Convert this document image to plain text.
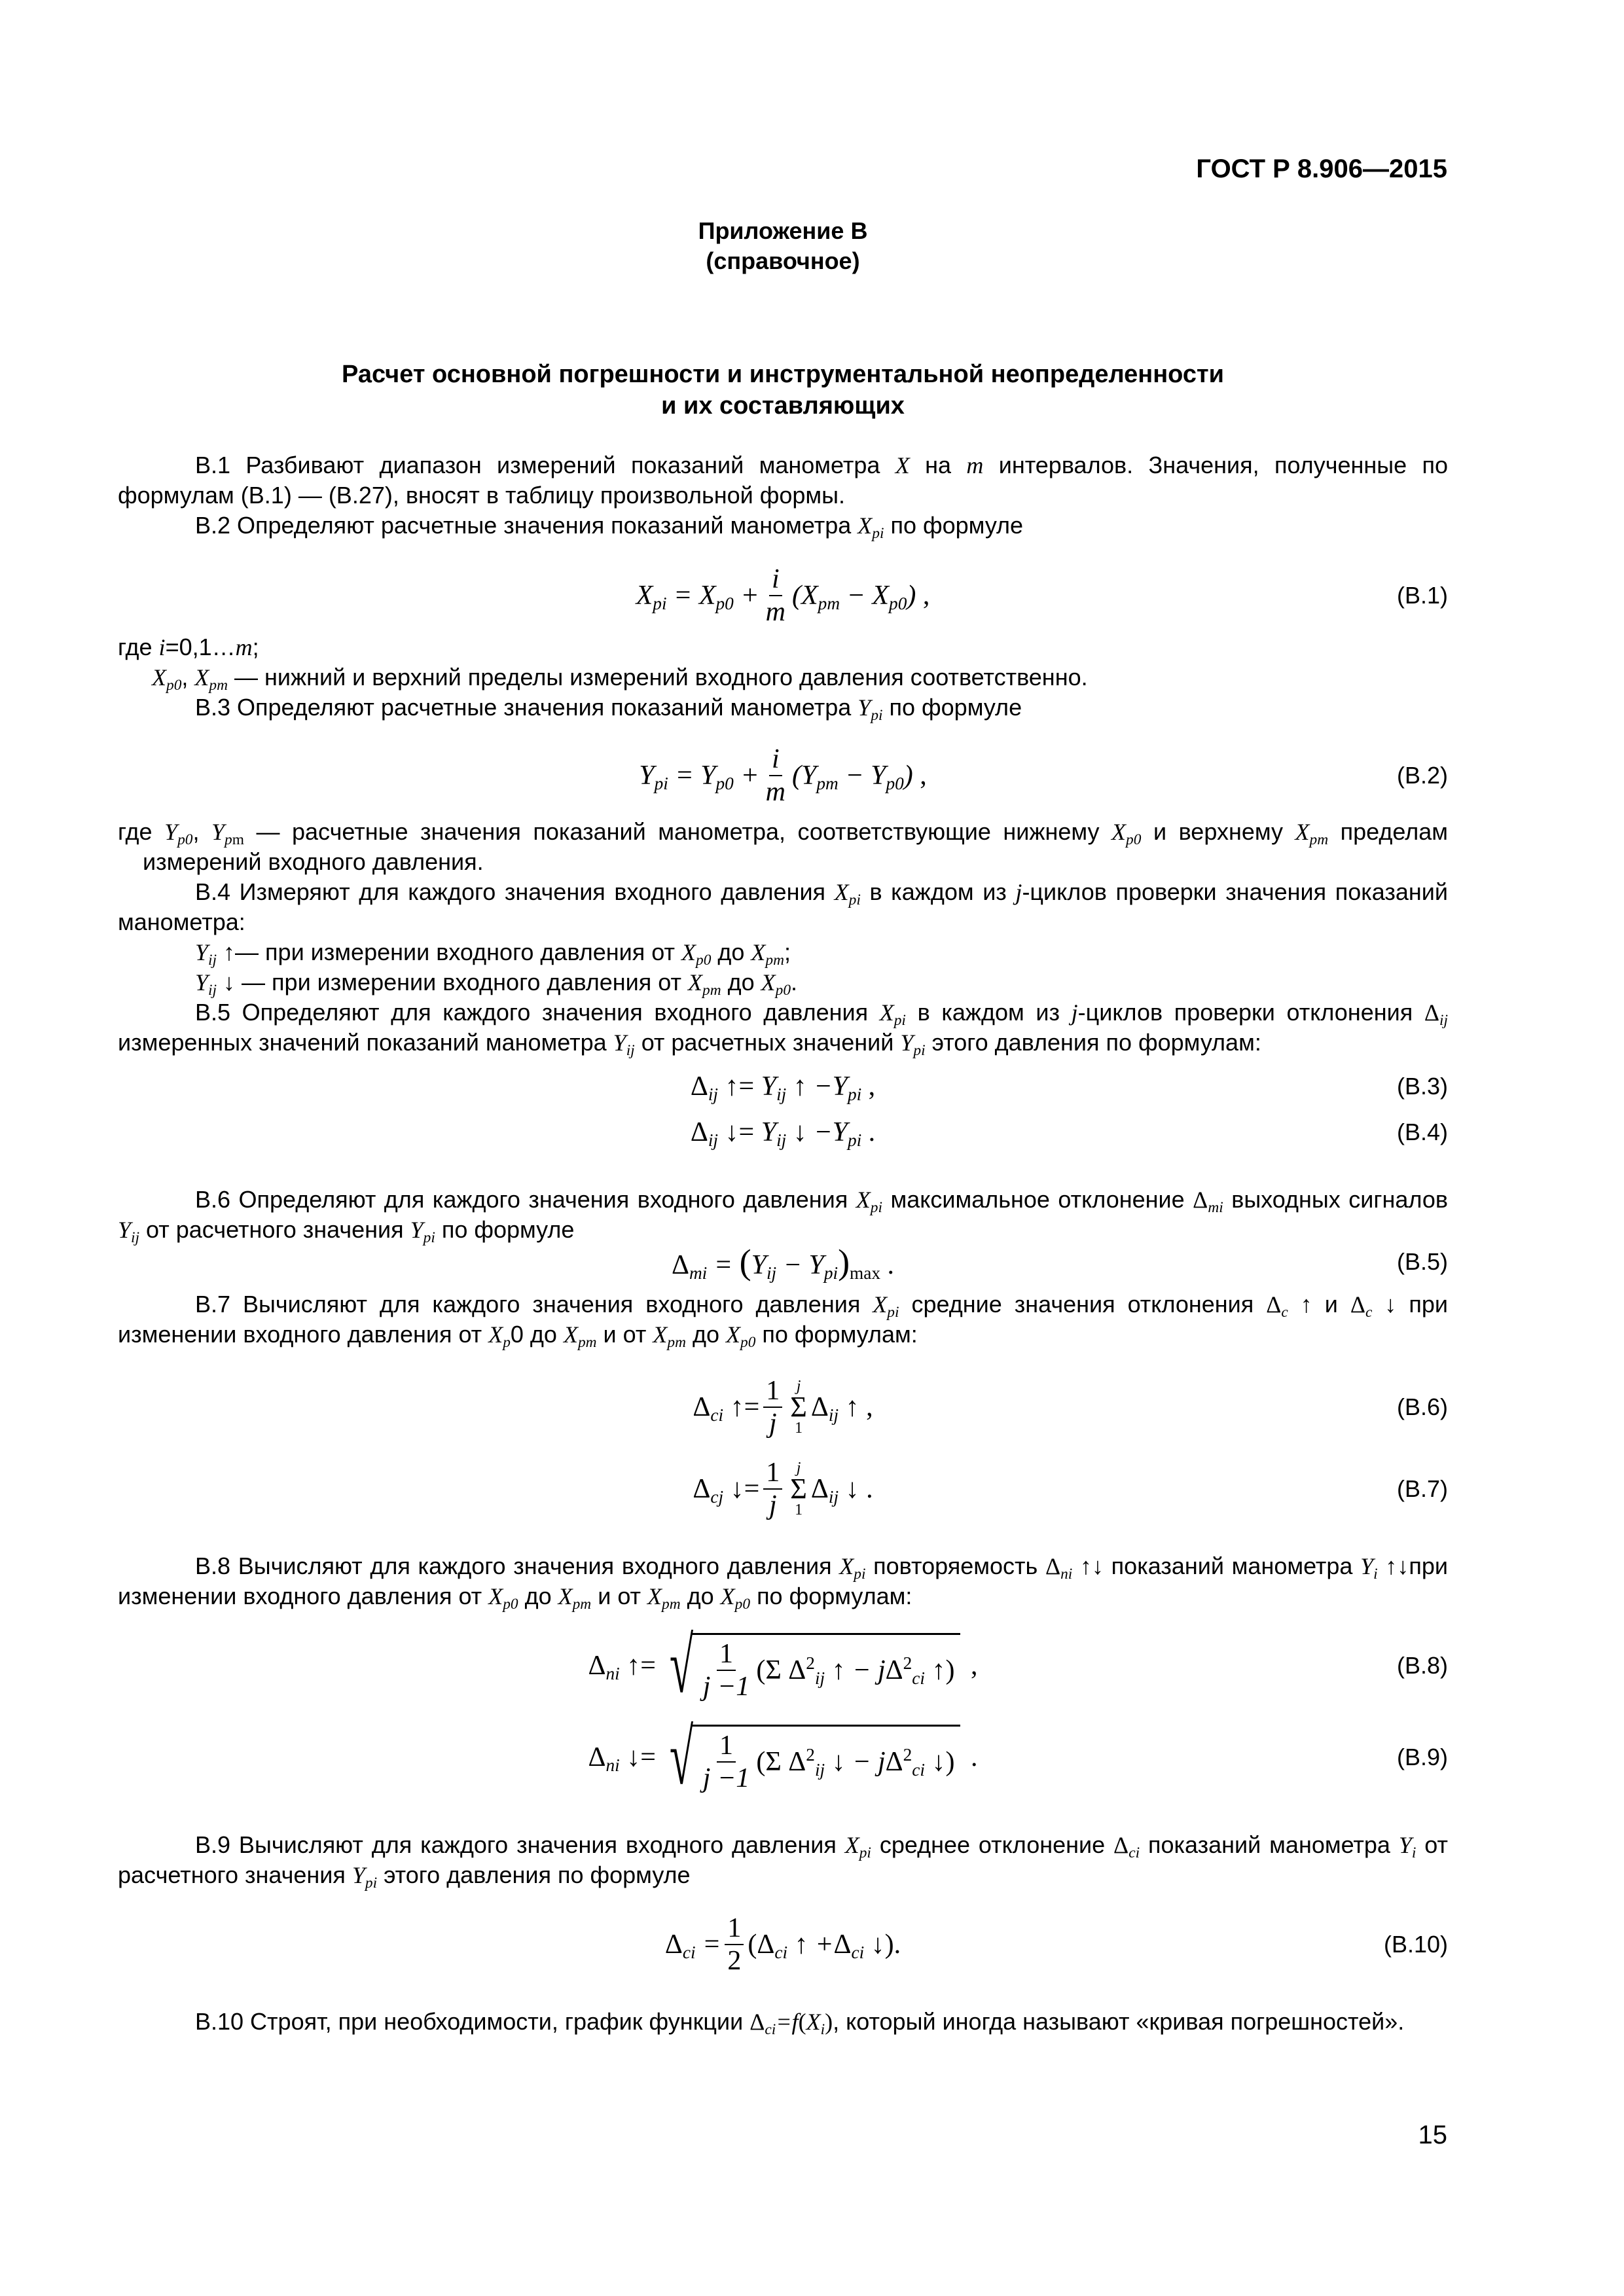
ГОСТ Р 8.906—2015
Приложение В
(справочное)
Расчет основной погрешности и инструментальной неопределенности
и их составляющих
В.1 Разбивают диапазон измерений показаний манометра X на m интервалов. Значения, полученные по формулам (В.1) — (В.27), вносят в таблицу произвольной формы.
В.2 Определяют расчетные значения показаний манометра $X_{pi}$ по формуле
$X_{pi} = X_{p0} + \frac{i}{m} (X_{pm} - X_{p0})$ ,	(В.1)
где i=0,1…m;
$X_{p0}$, $X_{pm}$ — нижний и верхний пределы измерений входного давления соответственно.
В.3 Определяют расчетные значения показаний манометра $Y_{pi}$ по формуле
$Y_{pi} = Y_{p0} + \frac{i}{m} (Y_{pm} - Y_{p0})$ ,	(В.2)
где $Y_{p0}$, $Y_{pm}$ — расчетные значения показаний манометра, соответствующие нижнему $X_{p0}$ и верхнему $X_{pm}$ пределам измерений входного давления.
В.4 Измеряют для каждого значения входного давления $X_{pi}$ в каждом из j-циклов проверки значения показаний манометра:
$Y_{ij}$ ↑— при измерении входного давления от $X_{p0}$ до $X_{pm}$;
$Y_{ij}$ ↓ — при измерении входного давления от $X_{pm}$ до $X_{p0}$.
В.5 Определяют для каждого значения входного давления $X_{pi}$ в каждом из j-циклов проверки отклонения $\Delta_{ij}$ измеренных значений показаний манометра $Y_{ij}$ от расчетных значений $Y_{pi}$ этого давления по формулам:
$\Delta_{ij}$ ↑= $Y_{ij}$ ↑ $-Y_{pi}$ ,	(В.3)
$\Delta_{ij}$ ↓= $Y_{ij}$ ↓ $-Y_{pi}$ .	(В.4)
В.6 Определяют для каждого значения входного давления $X_{pi}$ максимальное отклонение $\Delta_{mi}$ выходных сигналов $Y_{ij}$ от расчетного значения $Y_{pi}$ по формуле
$\Delta_{mi} = (Y_{ij} - Y_{pi})_{max}$ .	(В.5)
В.7 Вычисляют для каждого значения входного давления $X_{pi}$ средние значения отклонения $\Delta_c$ ↑ и $\Delta_c$ ↓ при изменении входного давления от $X_p0$ до $X_{pm}$ и от $X_{pm}$ до $X_{p0}$ по формулам:
$\Delta_{ci}$ ↑= $\frac{1}{j}$ j
Σ
1
$\Delta_{ij}$ ↑ ,	(В.6)
$\Delta_{cj}$ ↓= $\frac{1}{j}$ j
Σ
1
$\Delta_{ij}$ ↓ .	(В.7)
В.8 Вычисляют для каждого значения входного давления $X_{pi}$ повторяемость $\Delta_{ni}$ ↑↓ показаний манометра $Y_i$ ↑↓при изменении входного давления от $X_{p0}$ до $X_{pm}$ и от $X_{pm}$ до $X_{p0}$ по формулам:
$\Delta_{ni}$ ↑= √ $\frac{1}{j -1} (\Sigma$ $\Delta^2_{ij}$ ↑ − $j\Delta^2_{ci}$ ↑) ,	(В.8)
$\Delta_{ni}$ ↓= √ $\frac{1}{j -1} (\Sigma$ $\Delta^2_{ij}$ ↓ − $j\Delta^2_{ci}$ ↓) .	(В.9)
В.9 Вычисляют для каждого значения входного давления $X_{pi}$ среднее отклонение $\Delta_{ci}$ показаний манометра $Y_i$ от расчетного значения $Y_{pi}$ этого давления по формуле
$\Delta_{ci} = \frac{1}{2} (\Delta_{ci}$ ↑ $+\Delta_{ci}$ ↓).	(В.10)
В.10 Строят, при необходимости, график функции $\Delta_{ci}=f(X_i)$, который иногда называют «кривая погрешностей».
15
